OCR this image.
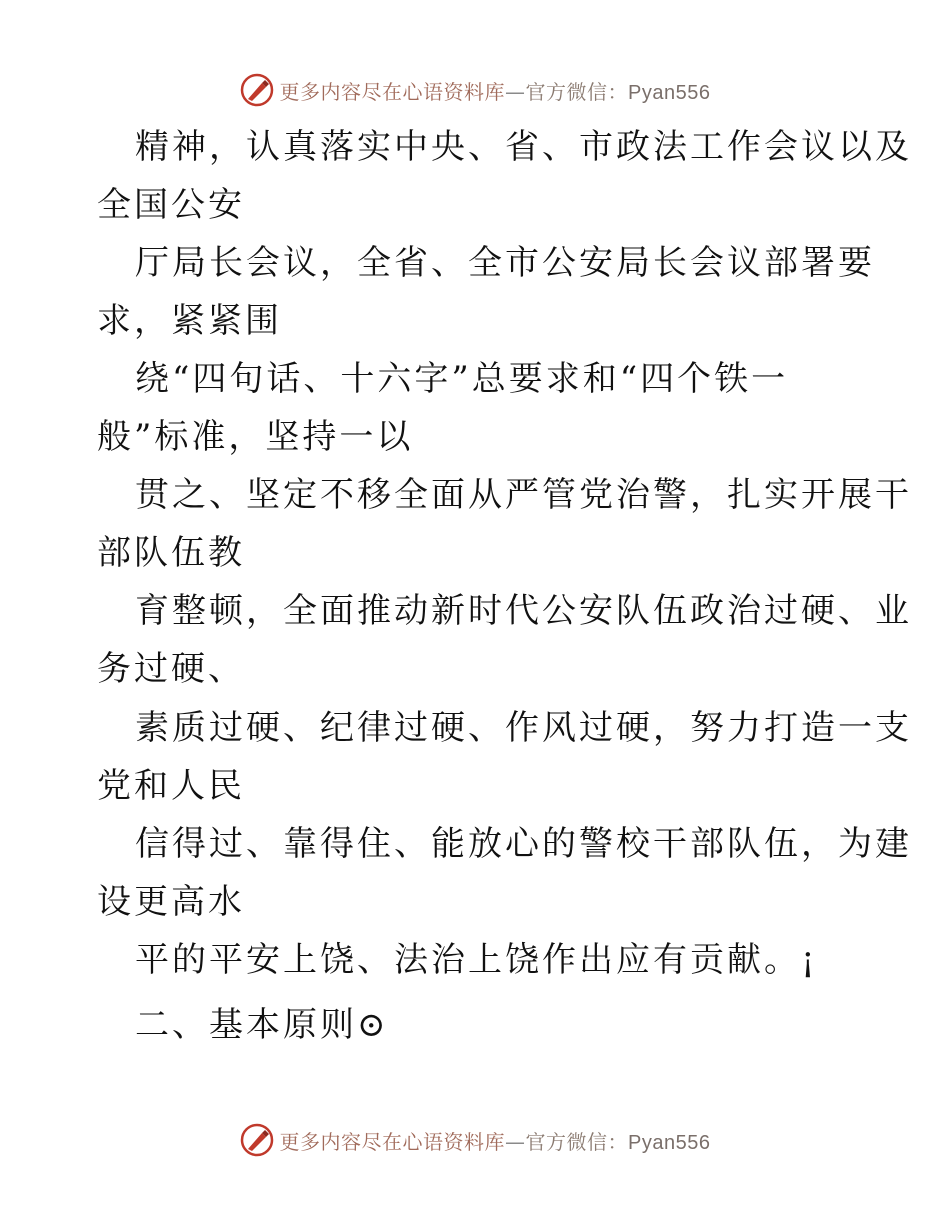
更多内容尽在心语资料库—官方微信：Pyan556
精神，认真落实中央、省、市政法工作会议以及
全国公安
厅局长会议，全省、全市公安局长会议部署要
求，紧紧围
绕“四句话、十六字”总要求和“四个铁一
般”标准，坚持一以
贯之、坚定不移全面从严管党治警，扎实开展干
部队伍教
育整顿，全面推动新时代公安队伍政治过硬、业
务过硬、
素质过硬、纪律过硬、作风过硬，努力打造一支
党和人民
信得过、靠得住、能放心的警校干部队伍，为建
设更高水
平的平安上饶、法治上饶作出应有贡献。¡
二、基本原则⊙
更多内容尽在心语资料库—官方微信：Pyan556
